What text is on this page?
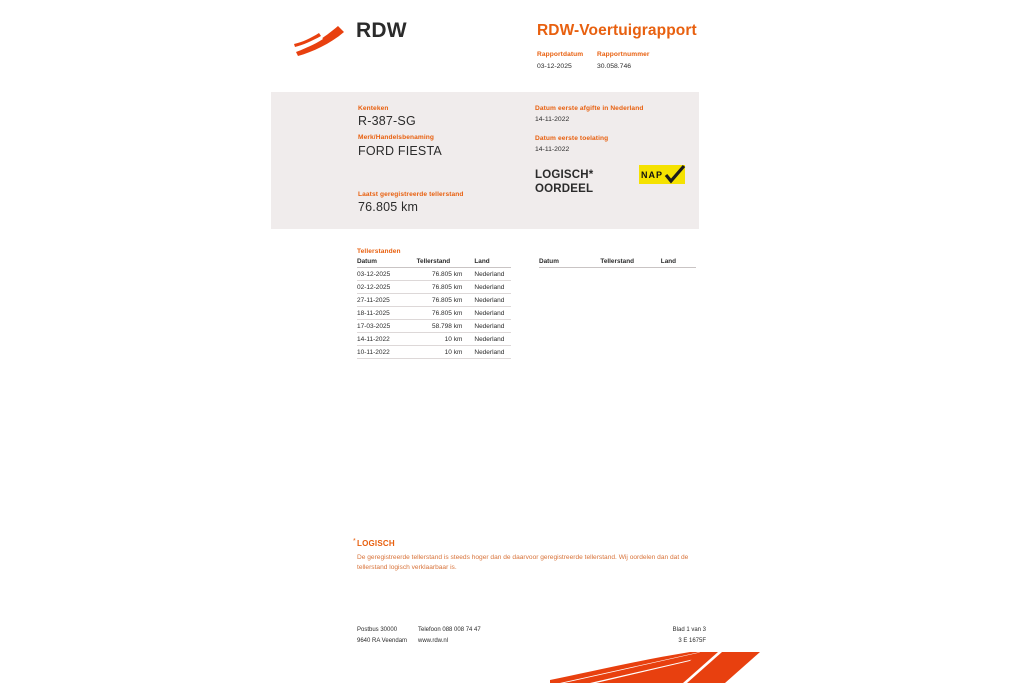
RDW	RDW-Voertuigrapport
Rapportdatum
03-12-2025
Rapportnummer
30.058.746
Kenteken
R-387-SG
Merk/Handelsbenaming
FORD FIESTA
Laatst geregistreerde tellerstand
76.805 km
Datum eerste afgifte in Nederland
14-11-2022
Datum eerste toelating
14-11-2022
LOGISCH* OORDEEL
NAP
Tellerstanden
Datum	Tellerstand	Land
03-12-2025	76.805 km	Nederland
02-12-2025	76.805 km	Nederland
27-11-2025	76.805 km	Nederland
18-11-2025	76.805 km	Nederland
17-03-2025	58.798 km	Nederland
14-11-2022	10 km	Nederland
10-11-2022	10 km	Nederland
Datum	Tellerstand	Land
* LOGISCH
De geregistreerde tellerstand is steeds hoger dan de daarvoor geregistreerde tellerstand. Wij oordelen dan dat de tellerstand logisch verklaarbaar is.
Postbus 30000
9640 RA Veendam
Telefoon 088 008 74 47
www.rdw.nl
Blad 1 van 3
3 E 1675F
